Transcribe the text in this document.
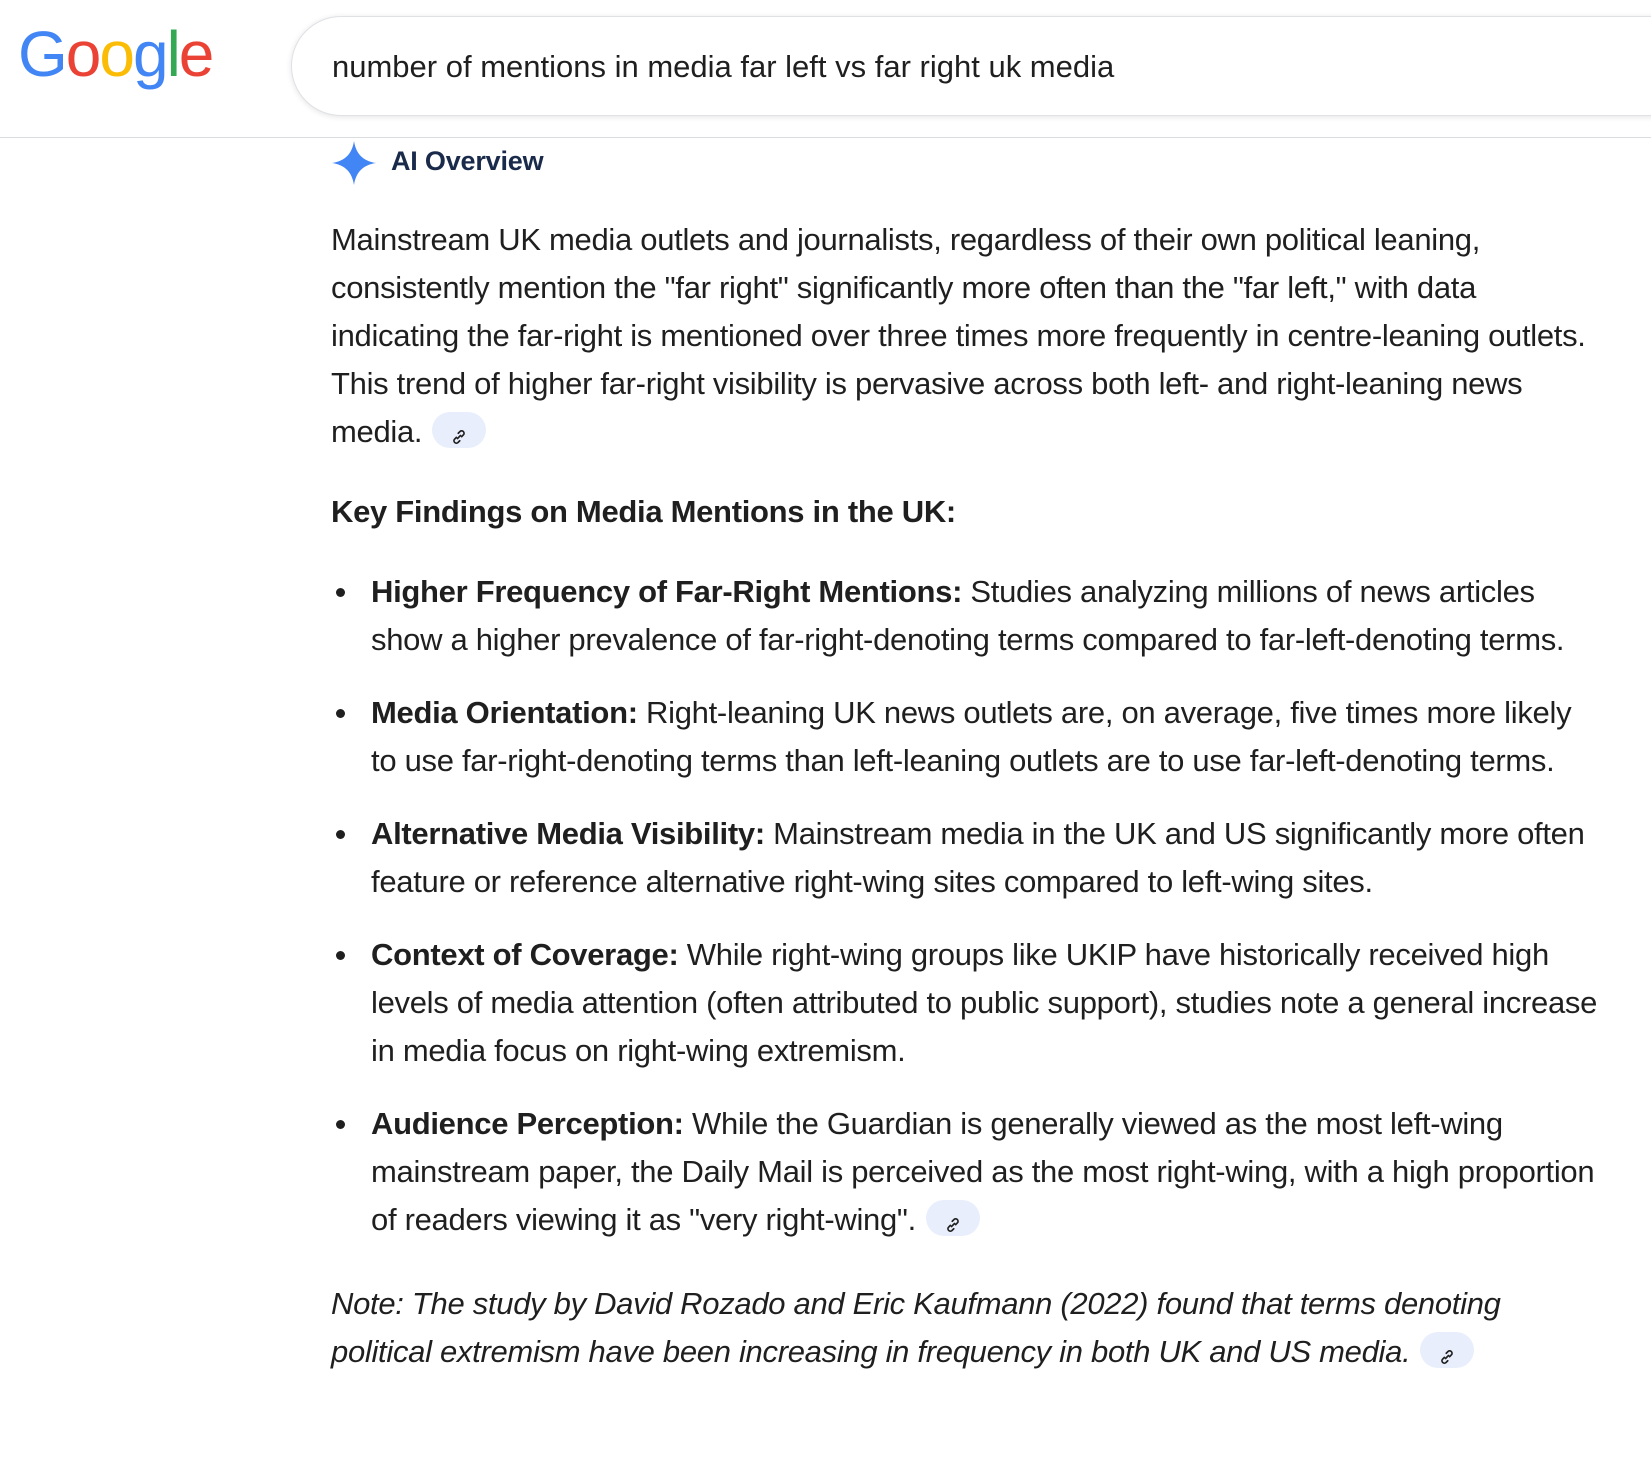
Google	number of mentions in media far left vs far right uk media
AI Overview

Mainstream UK media outlets and journalists, regardless of their own political leaning, consistently mention the "far right" significantly more often than the "far left," with data indicating the far-right is mentioned over three times more frequently in centre-leaning outlets. This trend of higher far-right visibility is pervasive across both left- and right-leaning news media.

Key Findings on Media Mentions in the UK:
Higher Frequency of Far-Right Mentions: Studies analyzing millions of news articles show a higher prevalence of far-right-denoting terms compared to far-left-denoting terms.
Media Orientation: Right-leaning UK news outlets are, on average, five times more likely to use far-right-denoting terms than left-leaning outlets are to use far-left-denoting terms.
Alternative Media Visibility: Mainstream media in the UK and US significantly more often feature or reference alternative right-wing sites compared to left-wing sites.
Context of Coverage: While right-wing groups like UKIP have historically received high levels of media attention (often attributed to public support), studies note a general increase in media focus on right-wing extremism.
Audience Perception: While the Guardian is generally viewed as the most left-wing mainstream paper, the Daily Mail is perceived as the most right-wing, with a high proportion of readers viewing it as "very right-wing".

Note: The study by David Rozado and Eric Kaufmann (2022) found that terms denoting political extremism have been increasing in frequency in both UK and US media.
